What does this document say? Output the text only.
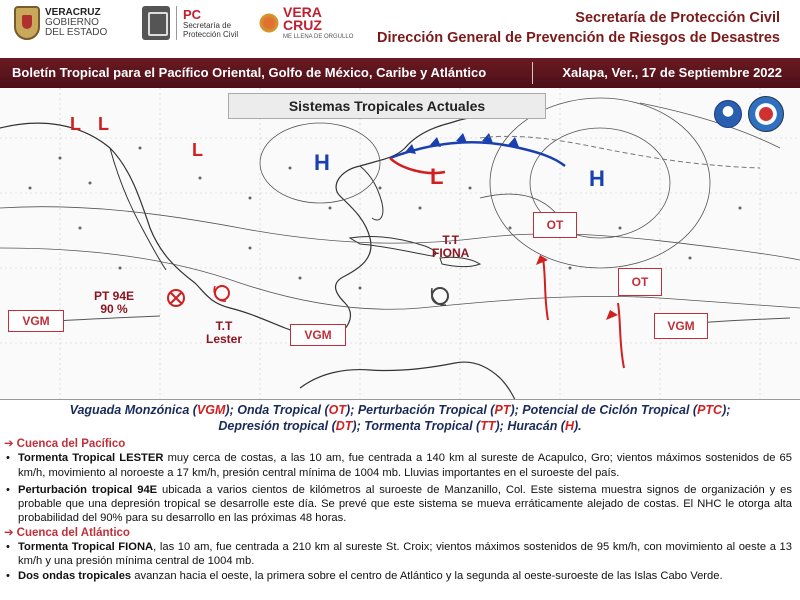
VERACRUZ
GOBIERNO
DEL ESTADO
PC
Secretaría de
Protección Civil
VERA
CRUZ
ME LLENA DE ORGULLO
Secretaría de Protección Civil
Dirección General de Prevención de Riesgos de Desastres
Boletín Tropical para el Pacífico Oriental, Golfo de México, Caribe y Atlántico	Xalapa, Ver., 17 de Septiembre 2022
Sistemas Tropicales Actuales
H
H
L
L L
L
VGM
VGM
VGM
OT
OT
PT 94E
90 %
T.T
Lester
T.T
FIONA
Vaguada Monzónica (VGM); Onda Tropical (OT); Perturbación Tropical (PT); Potencial de Ciclón Tropical (PTC);
Depresión tropical (DT); Tormenta Tropical (TT); Huracán (H).
➔ Cuenca del Pacífico
• Tormenta Tropical LESTER muy cerca de costas, a las 10 am, fue centrada a 140 km al sureste de Acapulco, Gro; vientos máximos sostenidos de 65 km/h, movimiento al noroeste a 17 km/h, presión central mínima de 1004 mb. Lluvias importantes en el suroeste del país.
• Perturbación tropical 94E ubicada a varios cientos de kilómetros al suroeste de Manzanillo, Col. Este sistema muestra signos de organización y es probable que una depresión tropical se desarrolle este día. Se prevé que este sistema se mueva erráticamente alejado de costas. El NHC le otorga alta probabilidad del 90% para su desarrollo en las próximas 48 horas.
➔ Cuenca del Atlántico
• Tormenta Tropical FIONA, las 10 am, fue centrada a 210 km al sureste St. Croix; vientos máximos sostenidos de 95 km/h, con movimiento al oeste a 13 km/h y una presión mínima central de 1004 mb.
• Dos ondas tropicales avanzan hacia el oeste, la primera sobre el centro de Atlántico y la segunda al oeste-suroeste de las Islas Cabo Verde.
